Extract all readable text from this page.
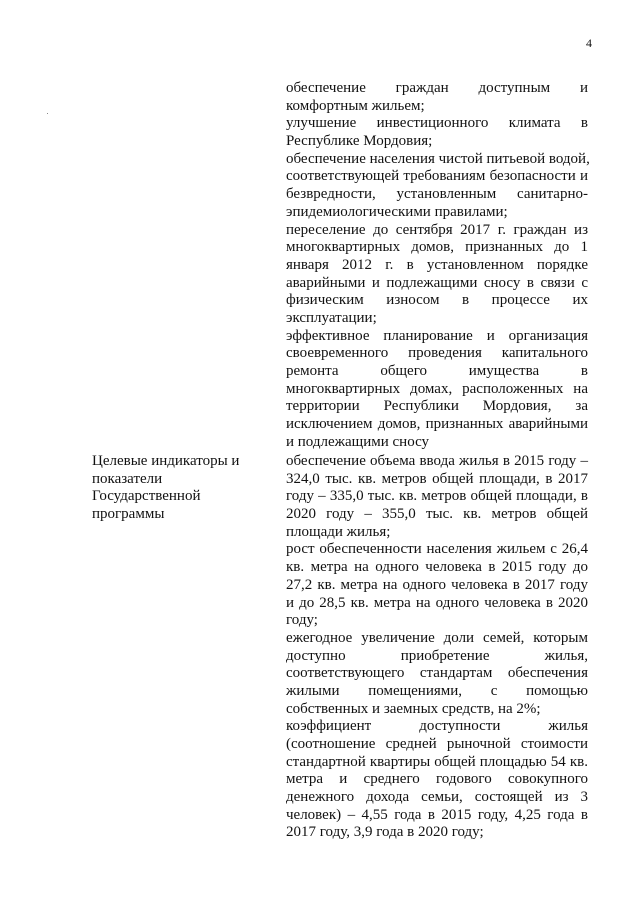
4
обеспечение граждан доступным и
комфортным жильем;
улучшение инвестиционного климата в
Республике Мордовия;
обеспечение населения чистой питьевой водой,
соответствующей требованиям безопасности и
безвредности, установленным санитарно-
эпидемиологическими правилами;
переселение до сентября 2017 г. граждан из
многоквартирных домов, признанных до 1
января 2012 г. в установленном порядке
аварийными и подлежащими сносу в связи с
физическим износом в процессе их
эксплуатации;
эффективное планирование и организация
своевременного проведения капитального
ремонта общего имущества в
многоквартирных домах, расположенных на
территории Республики Мордовия, за
исключением домов, признанных аварийными
и подлежащими сносу
Целевые индикаторы и
показатели
Государственной
программы
обеспечение объема ввода жилья в 2015 году –
324,0 тыс. кв. метров общей площади, в 2017
году – 335,0 тыс. кв. метров общей площади, в
2020 году – 355,0 тыс. кв. метров общей
площади жилья;
рост обеспеченности населения жильем с 26,4
кв. метра на одного человека в 2015 году до
27,2 кв. метра на одного человека в 2017 году
и до 28,5 кв. метра на одного человека в 2020
году;
ежегодное увеличение доли семей, которым
доступно приобретение жилья,
соответствующего стандартам обеспечения
жилыми помещениями, с помощью
собственных и заемных средств, на 2%;
коэффициент доступности жилья
(соотношение средней рыночной стоимости
стандартной квартиры общей площадью 54 кв.
метра и среднего годового совокупного
денежного дохода семьи, состоящей из 3
человек) – 4,55 года в 2015 году, 4,25 года в
2017 году, 3,9 года в 2020 году;
